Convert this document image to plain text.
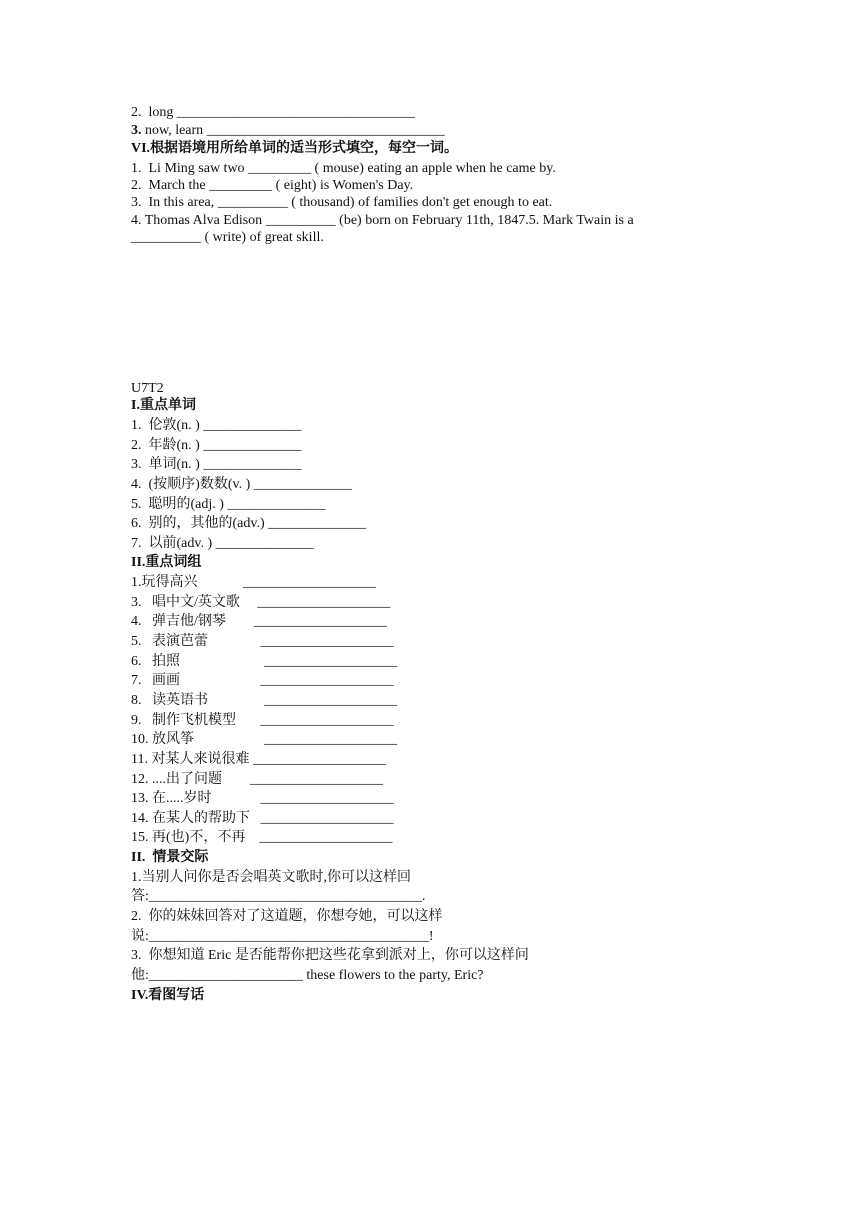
2.  long __________________________________
3. now, learn __________________________________
VI.根据语境用所给单词的适当形式填空，每空一词。
1.  Li Ming saw two _________ ( mouse) eating an apple when he came by.
2.  March the _________ ( eight) is Women's Day.
3.  In this area, __________ ( thousand) of families don't get enough to eat.
4. Thomas Alva Edison __________ (be) born on February 11th, 1847.5. Mark Twain is a
__________ ( write) of great skill.
U7T2
I.重点单词
1.  伦敦(n. ) ______________
2.  年龄(n. ) ______________
3.  单词(n. ) ______________
4.  (按顺序)数数(v. ) ______________
5.  聪明的(adj. ) ______________
6.  别的，其他的(adv.) ______________
7.  以前(adv. ) ______________
II.重点词组
1.玩得高兴             ___________________
3.   唱中文/英文歌     ___________________
4.   弹吉他/钢琴        ___________________
5.   表演芭蕾               ___________________
6.   拍照                        ___________________
7.   画画                       ___________________
8.   读英语书                ___________________
9.   制作飞机模型       ___________________
10. 放风筝                    ___________________
11. 对某人来说很难 ___________________
12. ....出了问题        ___________________
13. 在.....岁时              ___________________
14. 在某人的帮助下   ___________________
15. 再(也)不，不再    ___________________
II.  情景交际
1.当别人问你是否会唱英文歌时,你可以这样回
答:_______________________________________.
2.  你的妹妹回答对了这道题，你想夸她，可以这样
说:________________________________________!
3.  你想知道 Eric 是否能帮你把这些花拿到派对上，你可以这样问
他:______________________ these flowers to the party, Eric?
IV.看图写话
